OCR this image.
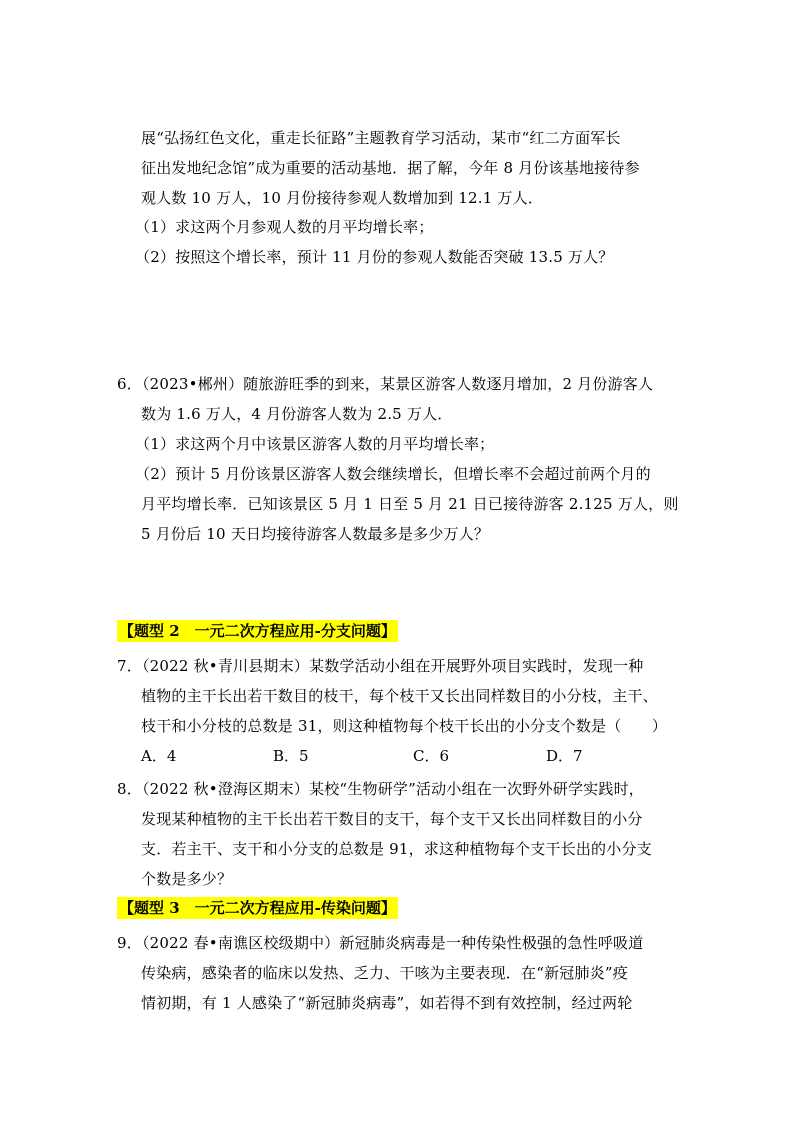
展“弘扬红色文化，重走长征路”主题教育学习活动，某市“红二方面军长
征出发地纪念馆”成为重要的活动基地．据了解，今年 8 月份该基地接待参
观人数 10 万人，10 月份接待参观人数增加到 12.1 万人．
（1）求这两个月参观人数的月平均增长率；
（2）按照这个增长率，预计 11 月份的参观人数能否突破 13.5 万人？
6．（2023•郴州）随旅游旺季的到来，某景区游客人数逐月增加，2 月份游客人
数为 1.6 万人，4 月份游客人数为 2.5 万人．
（1）求这两个月中该景区游客人数的月平均增长率；
（2）预计 5 月份该景区游客人数会继续增长，但增长率不会超过前两个月的
月平均增长率．已知该景区 5 月 1 日至 5 月 21 日已接待游客 2.125 万人，则
5 月份后 10 天日均接待游客人数最多是多少万人？
【题型 2　一元二次方程应用-分支问题】
7．（2022 秋•青川县期末）某数学活动小组在开展野外项目实践时，发现一种
植物的主干长出若干数目的枝干，每个枝干又长出同样数目的小分枝，主干、
枝干和小分枝的总数是 31，则这种植物每个枝干长出的小分支个数是（　　）
A．4	B．5	C．6	D．7
8．（2022 秋•澄海区期末）某校“生物研学”活动小组在一次野外研学实践时，
发现某种植物的主干长出若干数目的支干，每个支干又长出同样数目的小分
支．若主干、支干和小分支的总数是 91，求这种植物每个支干长出的小分支
个数是多少？
【题型 3　一元二次方程应用-传染问题】
9．（2022 春•南谯区校级期中）新冠肺炎病毒是一种传染性极强的急性呼吸道
传染病，感染者的临床以发热、乏力、干咳为主要表现．在“新冠肺炎”疫
情初期，有 1 人感染了“新冠肺炎病毒”，如若得不到有效控制，经过两轮
